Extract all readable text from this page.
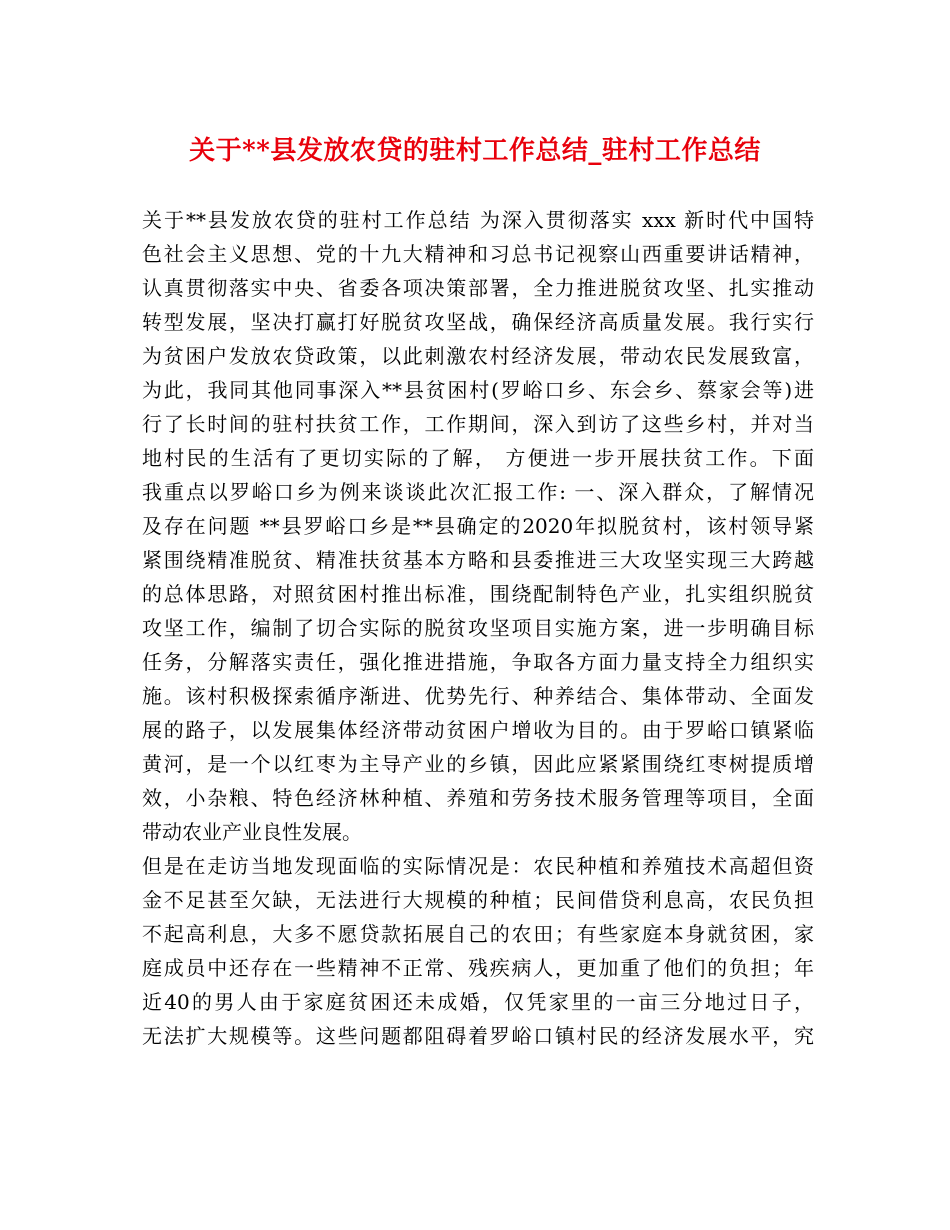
关于**县发放农贷的驻村工作总结_驻村工作总结
关于**县发放农贷的驻村工作总结 为深入贯彻落实 xxx 新时代中国特
色社会主义思想、党的十九大精神和习总书记视察山西重要讲话精神，
认真贯彻落实中央、省委各项决策部署，全力推进脱贫攻坚、扎实推动
转型发展，坚决打赢打好脱贫攻坚战，确保经济高质量发展。我行实行
为贫困户发放农贷政策，以此刺激农村经济发展，带动农民发展致富，
为此，我同其他同事深入**县贫困村(罗峪口乡、东会乡、蔡家会等)进
行了长时间的驻村扶贫工作，工作期间，深入到访了这些乡村，并对当
地村民的生活有了更切实际的了解， 方便进一步开展扶贫工作。下面
我重点以罗峪口乡为例来谈谈此次汇报工作: 一、深入群众，了解情况
及存在问题 **县罗峪口乡是**县确定的2020年拟脱贫村，该村领导紧
紧围绕精准脱贫、精准扶贫基本方略和县委推进三大攻坚实现三大跨越
的总体思路，对照贫困村推出标准，围绕配制特色产业，扎实组织脱贫
攻坚工作，编制了切合实际的脱贫攻坚项目实施方案，进一步明确目标
任务，分解落实责任，强化推进措施，争取各方面力量支持全力组织实
施。该村积极探索循序渐进、优势先行、种养结合、集体带动、全面发
展的路子，以发展集体经济带动贫困户增收为目的。由于罗峪口镇紧临
黄河，是一个以红枣为主导产业的乡镇，因此应紧紧围绕红枣树提质增
效，小杂粮、特色经济林种植、养殖和劳务技术服务管理等项目，全面
带动农业产业良性发展。
但是在走访当地发现面临的实际情况是：农民种植和养殖技术高超但资
金不足甚至欠缺，无法进行大规模的种植；民间借贷利息高，农民负担
不起高利息，大多不愿贷款拓展自己的农田；有些家庭本身就贫困，家
庭成员中还存在一些精神不正常、残疾病人，更加重了他们的负担；年
近40的男人由于家庭贫困还未成婚，仅凭家里的一亩三分地过日子，
无法扩大规模等。这些问题都阻碍着罗峪口镇村民的经济发展水平，究
